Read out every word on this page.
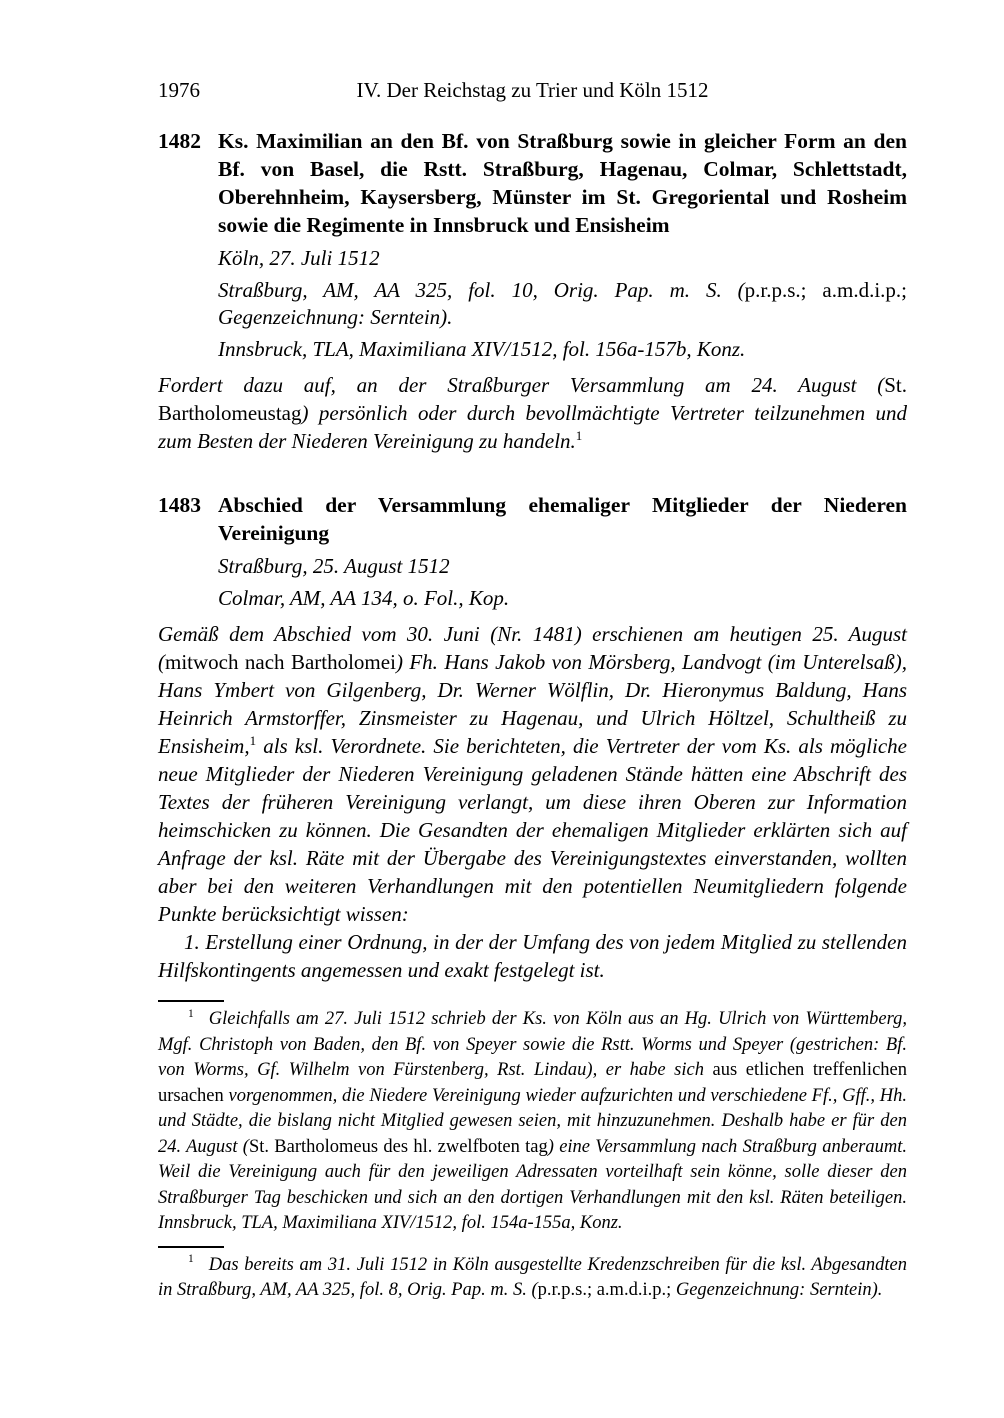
1976	IV. Der Reichstag zu Trier und Köln 1512
1482 Ks. Maximilian an den Bf. von Straßburg sowie in gleicher Form an den Bf. von Basel, die Rstt. Straßburg, Hagenau, Colmar, Schlettstadt, Oberehnheim, Kaysersberg, Münster im St. Gregoriental und Rosheim sowie die Regimente in Innsbruck und Ensisheim
Köln, 27. Juli 1512
Straßburg, AM, AA 325, fol. 10, Orig. Pap. m. S. (p.r.p.s.; a.m.d.i.p.; Gegenzeichnung: Serntein).
Innsbruck, TLA, Maximiliana XIV/1512, fol. 156a-157b, Konz.
Fordert dazu auf, an der Straßburger Versammlung am 24. August (St. Bartholomeustag) persönlich oder durch bevollmächtigte Vertreter teilzunehmen und zum Besten der Niederen Vereinigung zu handeln.$^1$
1483 Abschied der Versammlung ehemaliger Mitglieder der Niederen Vereinigung
Straßburg, 25. August 1512
Colmar, AM, AA 134, o. Fol., Kop.
Gemäß dem Abschied vom 30. Juni (Nr. 1481) erschienen am heutigen 25. August (mitwoch nach Bartholomei) Fh. Hans Jakob von Mörsberg, Landvogt (im Unterelsaß), Hans Ymbert von Gilgenberg, Dr. Werner Wölflin, Dr. Hieronymus Baldung, Hans Heinrich Armstorffer, Zinsmeister zu Hagenau, und Ulrich Höltzel, Schultheiß zu Ensisheim,$^1$ als ksl. Verordnete. Sie berichteten, die Vertreter der vom Ks. als mögliche neue Mitglieder der Niederen Vereinigung geladenen Stände hätten eine Abschrift des Textes der früheren Vereinigung verlangt, um diese ihren Oberen zur Information heimschicken zu können. Die Gesandten der ehemaligen Mitglieder erklärten sich auf Anfrage der ksl. Räte mit der Übergabe des Vereinigungstextes einverstanden, wollten aber bei den weiteren Verhandlungen mit den potentiellen Neumitgliedern folgende Punkte berücksichtigt wissen:
1. Erstellung einer Ordnung, in der der Umfang des von jedem Mitglied zu stellenden Hilfskontingents angemessen und exakt festgelegt ist.
$^1$ Gleichfalls am 27. Juli 1512 schrieb der Ks. von Köln aus an Hg. Ulrich von Württemberg, Mgf. Christoph von Baden, den Bf. von Speyer sowie die Rstt. Worms und Speyer (gestrichen: Bf. von Worms, Gf. Wilhelm von Fürstenberg, Rst. Lindau), er habe sich aus etlichen treffenlichen ursachen vorgenommen, die Niedere Vereinigung wieder aufzurichten und verschiedene Ff., Gff., Hh. und Städte, die bislang nicht Mitglied gewesen seien, mit hinzuzunehmen. Deshalb habe er für den 24. August (St. Bartholomeus des hl. zwelfboten tag) eine Versammlung nach Straßburg anberaumt. Weil die Vereinigung auch für den jeweiligen Adressaten vorteilhaft sein könne, solle dieser den Straßburger Tag beschicken und sich an den dortigen Verhandlungen mit den ksl. Räten beteiligen. Innsbruck, TLA, Maximiliana XIV/1512, fol. 154a-155a, Konz.
$^1$ Das bereits am 31. Juli 1512 in Köln ausgestellte Kredenzschreiben für die ksl. Abgesandten in Straßburg, AM, AA 325, fol. 8, Orig. Pap. m. S. (p.r.p.s.; a.m.d.i.p.; Gegenzeichnung: Serntein).
